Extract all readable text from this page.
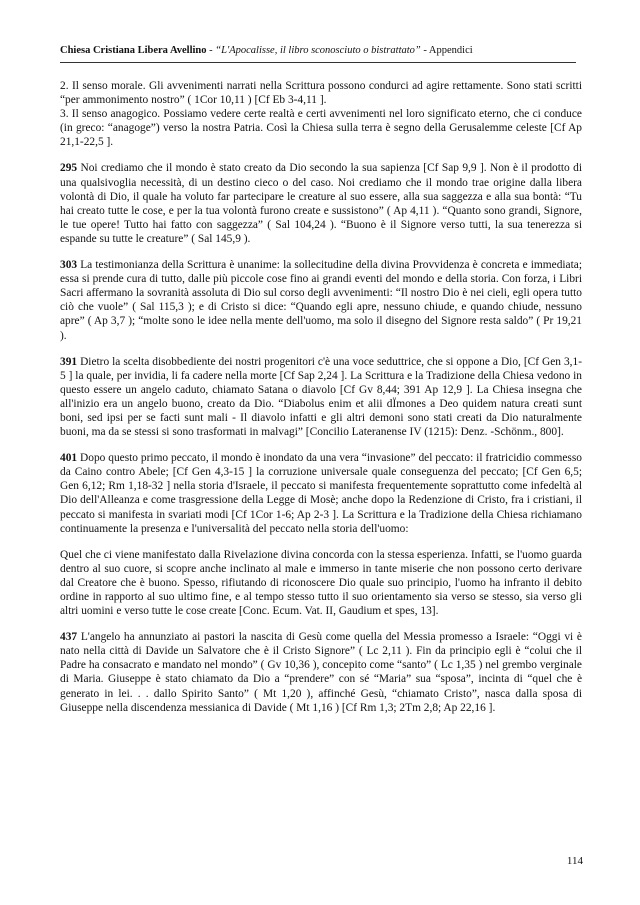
Chiesa Cristiana Libera Avellino - “L'Apocalisse, il libro sconosciuto o bistrattato” - Appendici

2. Il senso morale. Gli avvenimenti narrati nella Scrittura possono condurci ad agire rettamente. Sono stati scritti “per ammonimento nostro” ( 1Cor 10,11 ) [Cf Eb 3-4,11 ].

3. Il senso anagogico. Possiamo vedere certe realtà e certi avvenimenti nel loro significato eterno, che ci conduce (in greco: “anagoge”) verso la nostra Patria. Così la Chiesa sulla terra è segno della Gerusalemme celeste [Cf Ap 21,1-22,5 ].

295 Noi crediamo che il mondo è stato creato da Dio secondo la sua sapienza [Cf Sap 9,9 ]. Non è il prodotto di una qualsivoglia necessità, di un destino cieco o del caso. Noi crediamo che il mondo trae origine dalla libera volontà di Dio, il quale ha voluto far partecipare le creature al suo essere, alla sua saggezza e alla sua bontà: “Tu hai creato tutte le cose, e per la tua volontà furono create e sussistono” ( Ap 4,11 ). “Quanto sono grandi, Signore, le tue opere! Tutto hai fatto con saggezza” ( Sal 104,24 ). “Buono è il Signore verso tutti, la sua tenerezza si espande su tutte le creature” ( Sal 145,9 ).

303 La testimonianza della Scrittura è unanime: la sollecitudine della divina Provvidenza è concreta e immediata; essa si prende cura di tutto, dalle più piccole cose fino ai grandi eventi del mondo e della storia. Con forza, i Libri Sacri affermano la sovranità assoluta di Dio sul corso degli avvenimenti: “Il nostro Dio è nei cieli, egli opera tutto ciò che vuole” ( Sal 115,3 ); e di Cristo si dice: “Quando egli apre, nessuno chiude, e quando chiude, nessuno apre” ( Ap 3,7 ); “molte sono le idee nella mente dell'uomo, ma solo il disegno del Signore resta saldo” ( Pr 19,21 ).

391 Dietro la scelta disobbediente dei nostri progenitori c'è una voce seduttrice, che si oppone a Dio, [Cf Gen 3,1-5 ] la quale, per invidia, li fa cadere nella morte [Cf Sap 2,24 ]. La Scrittura e la Tradizione della Chiesa vedono in questo essere un angelo caduto, chiamato Satana o diavolo [Cf Gv 8,44; 391 Ap 12,9 ]. La Chiesa insegna che all'inizio era un angelo buono, creato da Dio. “Diabolus enim et alii dÏmones a Deo quidem natura creati sunt boni, sed ipsi per se facti sunt mali - Il diavolo infatti e gli altri demoni sono stati creati da Dio naturalmente buoni, ma da se stessi si sono trasformati in malvagi” [Concilio Lateranense IV (1215): Denz. -Schönm., 800].

401 Dopo questo primo peccato, il mondo è inondato da una vera “invasione” del peccato: il fratricidio commesso da Caino contro Abele; [Cf Gen 4,3-15 ] la corruzione universale quale conseguenza del peccato; [Cf Gen 6,5; Gen 6,12; Rm 1,18-32 ] nella storia d'Israele, il peccato si manifesta frequentemente soprattutto come infedeltà al Dio dell'Alleanza e come trasgressione della Legge di Mosè; anche dopo la Redenzione di Cristo, fra i cristiani, il peccato si manifesta in svariati modi [Cf 1Cor 1-6; Ap 2-3 ]. La Scrittura e la Tradizione della Chiesa richiamano continuamente la presenza e l'universalità del peccato nella storia dell'uomo:

Quel che ci viene manifestato dalla Rivelazione divina concorda con la stessa esperienza. Infatti, se l'uomo guarda dentro al suo cuore, si scopre anche inclinato al male e immerso in tante miserie che non possono certo derivare dal Creatore che è buono. Spesso, rifiutando di riconoscere Dio quale suo principio, l'uomo ha infranto il debito ordine in rapporto al suo ultimo fine, e al tempo stesso tutto il suo orientamento sia verso se stesso, sia verso gli altri uomini e verso tutte le cose create [Conc. Ecum. Vat. II, Gaudium et spes, 13].

437 L'angelo ha annunziato ai pastori la nascita di Gesù come quella del Messia promesso a Israele: “Oggi vi è nato nella città di Davide un Salvatore che è il Cristo Signore” ( Lc 2,11 ). Fin da principio egli è “colui che il Padre ha consacrato e mandato nel mondo” ( Gv 10,36 ), concepito come “santo” ( Lc 1,35 ) nel grembo verginale di Maria. Giuseppe è stato chiamato da Dio a “prendere” con sé “Maria” sua “sposa”, incinta di “quel che è generato in lei. . . dallo Spirito Santo” ( Mt 1,20 ), affinché Gesù, “chiamato Cristo”, nasca dalla sposa di Giuseppe nella discendenza messianica di Davide ( Mt 1,16 ) [Cf Rm 1,3; 2Tm 2,8; Ap 22,16 ].

114
